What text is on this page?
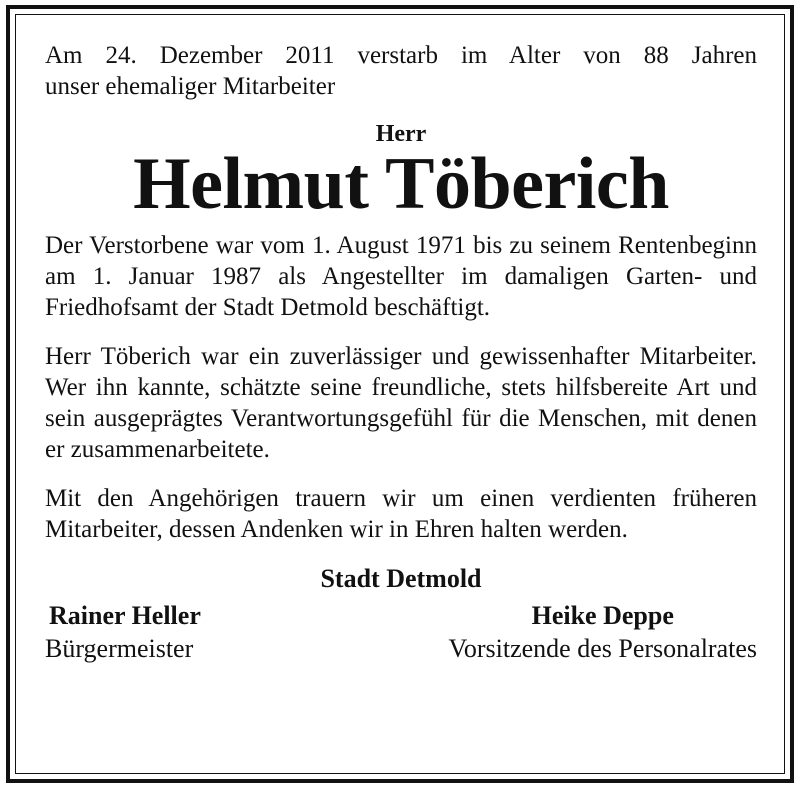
Am 24. Dezember 2011 verstarb im Alter von 88 Jahren

unser ehemaliger Mitarbeiter

Herr

Helmut Töberich

Der Verstorbene war vom 1. August 1971 bis zu seinem Rentenbeginn am 1. Januar 1987 als Angestellter im damaligen Garten- und Friedhofsamt der Stadt Detmold beschäftigt.

Herr Töberich war ein zuverlässiger und gewissenhafter Mitarbeiter. Wer ihn kannte, schätzte seine freundliche, stets hilfsbereite Art und sein ausgeprägtes Verantwortungsgefühl für die Menschen, mit denen er zusammenarbeitete.

Mit den Angehörigen trauern wir um einen verdienten früheren Mitarbeiter, dessen Andenken wir in Ehren halten werden.

Stadt Detmold

Rainer Heller
Bürgermeister
Heike Deppe
Vorsitzende des Personalrates
